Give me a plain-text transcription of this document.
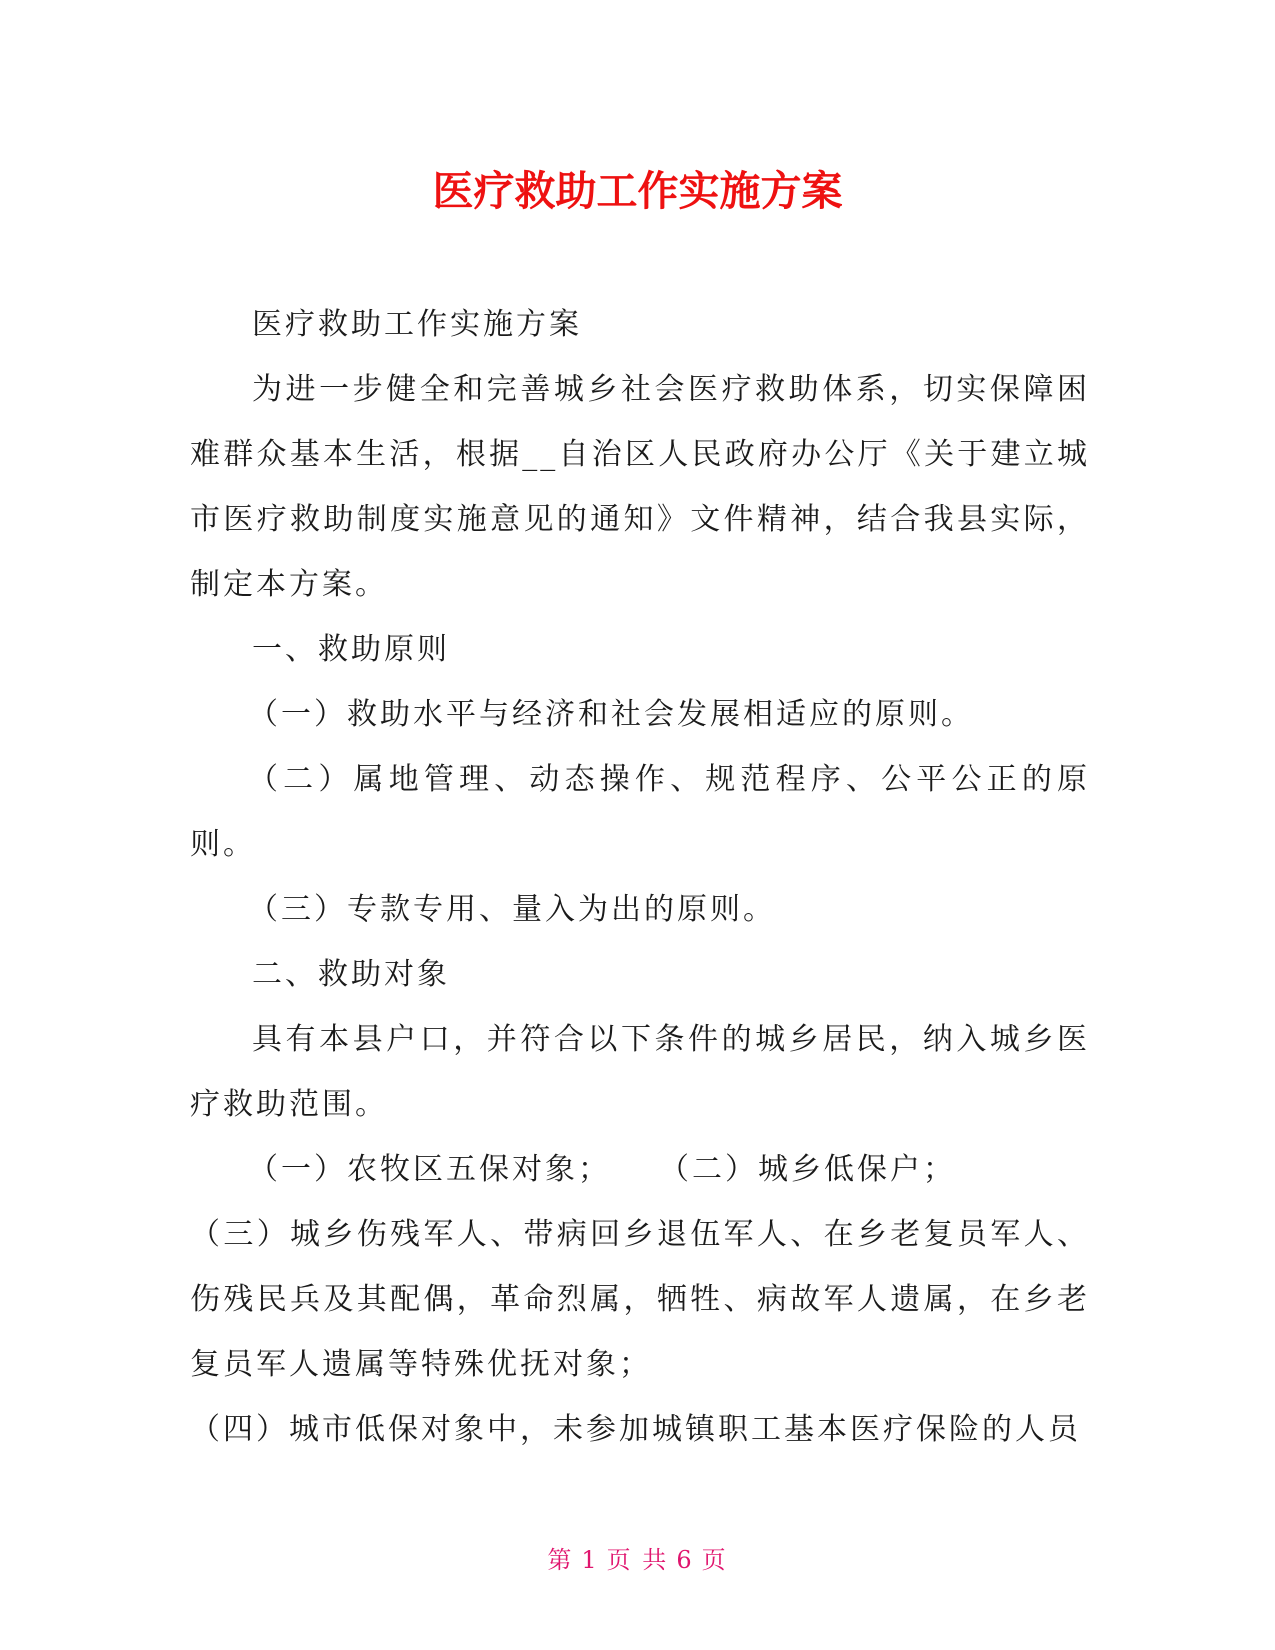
医疗救助工作实施方案

医疗救助工作实施方案

为进一步健全和完善城乡社会医疗救助体系，切实保障困难群众基本生活，根据__自治区人民政府办公厅《关于建立城市医疗救助制度实施意见的通知》文件精神，结合我县实际，制定本方案。

一、救助原则

（一）救助水平与经济和社会发展相适应的原则。

（二）属地管理、动态操作、规范程序、公平公正的原则。

（三）专款专用、量入为出的原则。

二、救助对象

具有本县户口，并符合以下条件的城乡居民，纳入城乡医疗救助范围。

（一）农牧区五保对象； （二）城乡低保户；

（三）城乡伤残军人、带病回乡退伍军人、在乡老复员军人、伤残民兵及其配偶，革命烈属，牺牲、病故军人遗属，在乡老复员军人遗属等特殊优抚对象；

（四）城市低保对象中，未参加城镇职工基本医疗保险的人员

第 1 页 共 6 页
